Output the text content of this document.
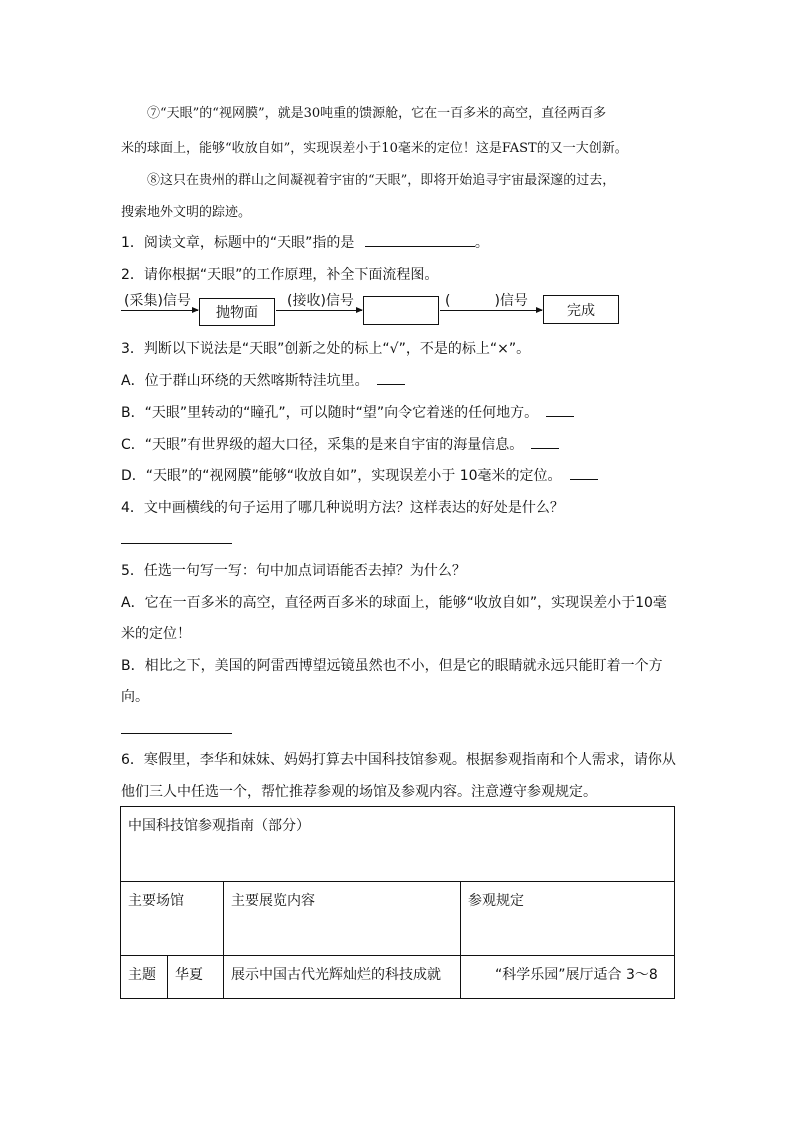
⑦“天眼”的“视网膜”，就是30吨重的馈源舱，它在一百多米的高空，直径两百多
米的球面上，能够“收放自如”，实现误差小于10毫米的定位！这是FAST的又一大创新。
⑧这只在贵州的群山之间凝视着宇宙的“天眼”，即将开始追寻宇宙最深邃的过去，
搜索地外文明的踪迹。
1．阅读文章，标题中的“天眼”指的是	。
2．请你根据“天眼”的工作原理，补全下面流程图。
(采集)信号
抛物面
(接收)信号	(	)信号
完成
3．判断以下说法是“天眼”创新之处的标上“√”，不是的标上“×”。
A．位于群山环绕的天然喀斯特洼坑里。
B．“天眼”里转动的“瞳孔”，可以随时“望”向令它着迷的任何地方。
C．“天眼”有世界级的超大口径，采集的是来自宇宙的海量信息。
D．“天眼”的“视网膜”能够“收放自如”，实现误差小于 10毫米的定位。
4．文中画横线的句子运用了哪几种说明方法？这样表达的好处是什么？
5．任选一句写一写：句中加点词语能否去掉？为什么？
A．它在一百多米的高空，直径两百多米的球面上，能够“收放自如”，实现误差小于10毫
米的定位！
B．相比之下，美国的阿雷西博望远镜虽然也不小，但是它的眼睛就永远只能盯着一个方
向。
6．寒假里，李华和妹妹、妈妈打算去中国科技馆参观。根据参观指南和个人需求，请你从
他们三人中任选一个，帮忙推荐参观的场馆及参观内容。注意遵守参观规定。
中国科技馆参观指南（部分）			
主要场馆		主要展览内容	参观规定
主题	华夏	展示中国古代光辉灿烂的科技成就	“科学乐园”展厅适合 3～8
